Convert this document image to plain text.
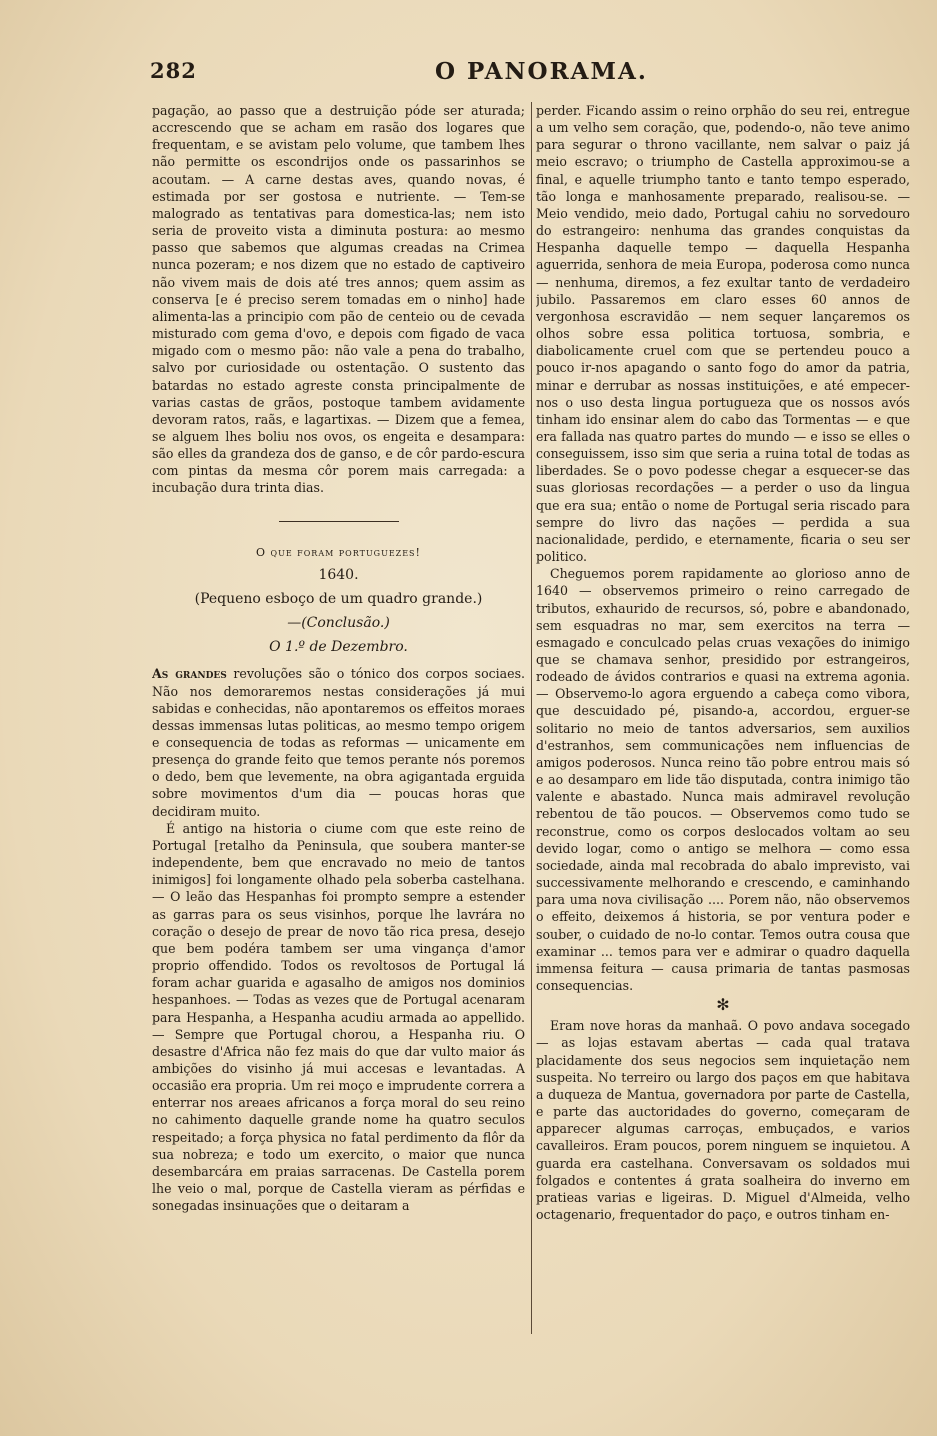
282	O PANORAMA.

pagação, ao passo que a destruição póde ser aturada; accrescendo que se acham em rasão dos logares que frequentam, e se avistam pelo volume, que tambem lhes não permitte os escondrijos onde os passarinhos se acoutam. — A carne destas aves, quando novas, é estimada por ser gostosa e nutriente. — Tem-se malogrado as tentativas para domestica-las; nem isto seria de proveito vista a diminuta postura: ao mesmo passo que sabemos que algumas creadas na Crimea nunca pozeram; e nos dizem que no estado de captiveiro não vivem mais de dois até tres annos; quem assim as conserva [e é preciso serem tomadas em o ninho] hade alimenta-las a principio com pão de centeio ou de cevada misturado com gema d'ovo, e depois com figado de vaca migado com o mesmo pão: não vale a pena do trabalho, salvo por curiosidade ou ostentação. O sustento das batardas no estado agreste consta principalmente de varias castas de grãos, postoque tambem avidamente devoram ratos, raãs, e lagartixas. — Dizem que a femea, se alguem lhes boliu nos ovos, os engeita e desampara: são elles da grandeza dos de ganso, e de côr pardo-escura com pintas da mesma côr porem mais carregada: a incubação dura trinta dias.

O que foram portuguezes!
1640.
(Pequeno esboço de um quadro grande.)
—(Conclusão.)
O 1.º de Dezembro.

As grandes revoluções são o tónico dos corpos sociaes. Não nos demoraremos nestas considerações já mui sabidas e conhecidas, não apontaremos os effeitos moraes dessas immensas lutas politicas, ao mesmo tempo origem e consequencia de todas as reformas — unicamente em presença do grande feito que temos perante nós poremos o dedo, bem que levemente, na obra agigantada erguida sobre movimentos d'um dia — poucas horas que decidiram muito.

É antigo na historia o ciume com que este reino de Portugal [retalho da Peninsula, que soubera manter-se independente, bem que encravado no meio de tantos inimigos] foi longamente olhado pela soberba castelhana. — O leão das Hespanhas foi prompto sempre a estender as garras para os seus visinhos, porque lhe lavrára no coração o desejo de prear de novo tão rica presa, desejo que bem podéra tambem ser uma vingança d'amor proprio offendido. Todos os revoltosos de Portugal lá foram achar guarida e agasalho de amigos nos dominios hespanhoes. — Todas as vezes que de Portugal acenaram para Hespanha, a Hespanha acudiu armada ao appellido. — Sempre que Portugal chorou, a Hespanha riu. O desastre d'Africa não fez mais do que dar vulto maior ás ambições do visinho já mui accesas e levantadas. A occasião era propria. Um rei moço e imprudente correra a enterrar nos areaes africanos a força moral do seu reino no cahimento daquelle grande nome ha quatro seculos respeitado; a força physica no fatal perdimento da flôr da sua nobreza; e todo um exercito, o maior que nunca desembarcára em praias sarracenas. De Castella porem lhe veio o mal, porque de Castella vieram as pérfidas e sonegadas insinuações que o deitaram a

perder. Ficando assim o reino orphão do seu rei, entregue a um velho sem coração, que, podendo-o, não teve animo para segurar o throno vacillante, nem salvar o paiz já meio escravo; o triumpho de Castella approximou-se a final, e aquelle triumpho tanto e tanto tempo esperado, tão longa e manhosamente preparado, realisou-se. — Meio vendido, meio dado, Portugal cahiu no sorvedouro do estrangeiro: nenhuma das grandes conquistas da Hespanha daquelle tempo — daquella Hespanha aguerrida, senhora de meia Europa, poderosa como nunca — nenhuma, diremos, a fez exultar tanto de verdadeiro jubilo. Passaremos em claro esses 60 annos de vergonhosa escravidão — nem sequer lançaremos os olhos sobre essa politica tortuosa, sombria, e diabolicamente cruel com que se pertendeu pouco a pouco ir-nos apagando o santo fogo do amor da patria, minar e derrubar as nossas instituições, e até empecer-nos o uso desta lingua portugueza que os nossos avós tinham ido ensinar alem do cabo das Tormentas — e que era fallada nas quatro partes do mundo — e isso se elles o conseguissem, isso sim que seria a ruina total de todas as liberdades. Se o povo podesse chegar a esquecer-se das suas gloriosas recordações — a perder o uso da lingua que era sua; então o nome de Portugal seria riscado para sempre do livro das nações — perdida a sua nacionalidade, perdido, e eternamente, ficaria o seu ser politico.

Cheguemos porem rapidamente ao glorioso anno de 1640 — observemos primeiro o reino carregado de tributos, exhaurido de recursos, só, pobre e abandonado, sem esquadras no mar, sem exercitos na terra — esmagado e conculcado pelas cruas vexações do inimigo que se chamava senhor, presidido por estrangeiros, rodeado de ávidos contrarios e quasi na extrema agonia. — Observemo-lo agora erguendo a cabeça como vibora, que descuidado pé, pisando-a, accordou, erguer-se solitario no meio de tantos adversarios, sem auxilios d'estranhos, sem communicações nem influencias de amigos poderosos. Nunca reino tão pobre entrou mais só e ao desamparo em lide tão disputada, contra inimigo tão valente e abastado. Nunca mais admiravel revolução rebentou de tão poucos. — Observemos como tudo se reconstrue, como os corpos deslocados voltam ao seu devido logar, como o antigo se melhora — como essa sociedade, ainda mal recobrada do abalo imprevisto, vai successivamente melhorando e crescendo, e caminhando para uma nova civilisação .... Porem não, não observemos o effeito, deixemos á historia, se por ventura poder e souber, o cuidado de no-lo contar. Temos outra cousa que examinar ... temos para ver e admirar o quadro daquella immensa feitura — causa primaria de tantas pasmosas consequencias.

✻

Eram nove horas da manhaã. O povo andava socegado — as lojas estavam abertas — cada qual tratava placidamente dos seus negocios sem inquietação nem suspeita. No terreiro ou largo dos paços em que habitava a duqueza de Mantua, governadora por parte de Castella, e parte das auctoridades do governo, começaram de apparecer algumas carroças, embuçados, e varios cavalleiros. Eram poucos, porem ninguem se inquietou. A guarda era castelhana. Conversavam os soldados mui folgados e contentes á grata soalheira do inverno em pratieas varias e ligeiras. D. Miguel d'Almeida, velho octagenario, frequentador do paço, e outros tinham en-
